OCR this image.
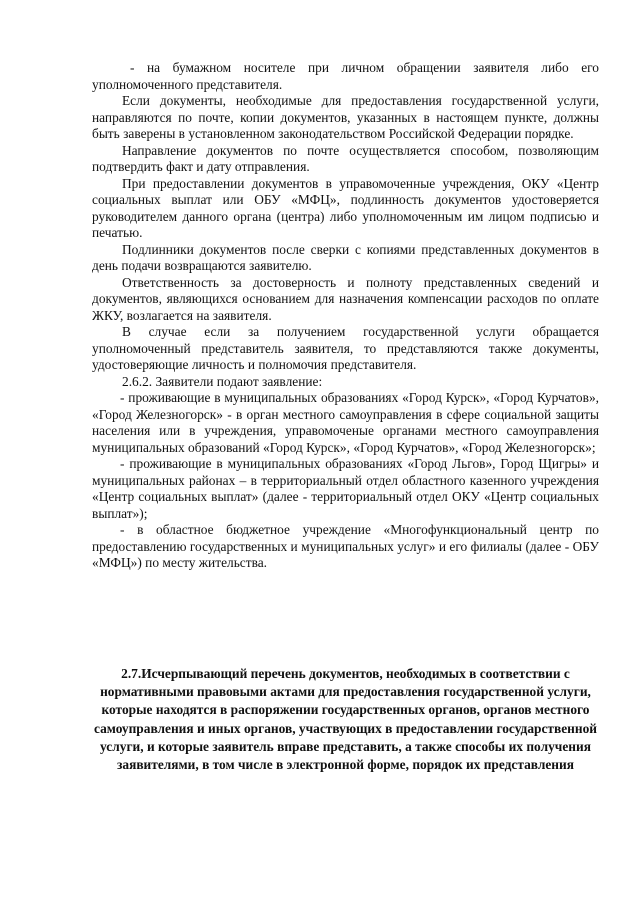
- на бумажном носителе при личном обращении заявителя либо его уполномоченного представителя.

Если документы, необходимые для предоставления государственной услуги, направляются по почте, копии документов, указанных в настоящем пункте, должны быть заверены в установленном законодательством Российской Федерации порядке.

Направление документов по почте осуществляется способом, позволяющим подтвердить факт и дату отправления.

При предоставлении документов в управомоченные учреждения, ОКУ «Центр социальных выплат или ОБУ «МФЦ», подлинность документов удостоверяется руководителем данного органа (центра) либо уполномоченным им лицом подписью и печатью.

Подлинники документов после сверки с копиями представленных документов в день подачи возвращаются заявителю.

Ответственность за достоверность и полноту представленных сведений и документов, являющихся основанием для назначения компенсации расходов по оплате ЖКУ, возлагается на заявителя.

В случае если за получением государственной услуги обращается уполномоченный представитель заявителя, то представляются также документы, удостоверяющие личность и полномочия представителя.

2.6.2. Заявители подают заявление:

- проживающие в муниципальных образованиях «Город Курск», «Город Курчатов», «Город Железногорск» - в орган местного самоуправления в сфере социальной защиты населения или в учреждения, управомоченые органами местного самоуправления муниципальных образований «Город Курск», «Город Курчатов», «Город Железногорск»;

- проживающие в муниципальных образованиях «Город Льгов», Город Щигры» и муниципальных районах – в территориальный отдел областного казенного учреждения «Центр социальных выплат» (далее - территориальный отдел ОКУ «Центр социальных выплат»);

- в областное бюджетное учреждение «Многофункциональный центр по предоставлению государственных и муниципальных услуг» и его филиалы (далее - ОБУ «МФЦ») по месту жительства.

2.7.Исчерпывающий перечень документов, необходимых в соответствии с нормативными правовыми актами для предоставления государственной услуги, которые находятся в распоряжении государственных органов, органов местного самоуправления и иных органов, участвующих в предоставлении государственной услуги, и которые заявитель вправе представить, а также способы их получения заявителями, в том числе в электронной форме, порядок их представления
